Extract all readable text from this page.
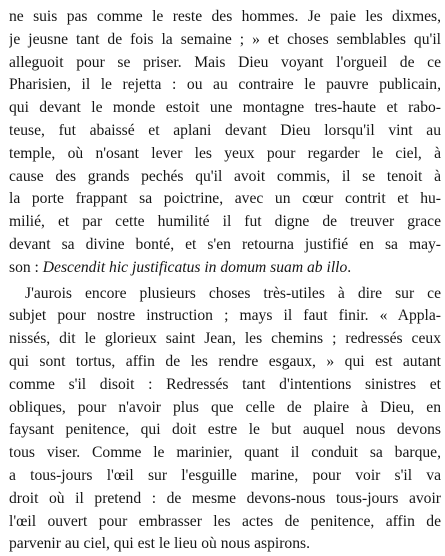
ne suis pas comme le reste des hommes. Je paie les dixmes,
je jeusne tant de fois la semaine ; » et choses semblables qu'il
alleguoit pour se priser. Mais Dieu voyant l'orgueil de ce
Pharisien, il le rejetta : ou au contraire le pauvre publicain,
qui devant le monde estoit une montagne tres-haute et rabo-
teuse, fut abaissé et aplani devant Dieu lorsqu'il vint au
temple, où n'osant lever les yeux pour regarder le ciel, à
cause des grands pechés qu'il avoit commis, il se tenoit à
la porte frappant sa poictrine, avec un cœur contrit et hu-
milié, et par cette humilité il fut digne de treuver grace
devant sa divine bonté, et s'en retourna justifié en sa may-
son : Descendit hic justificatus in domum suam ab illo.
J'aurois encore plusieurs choses très-utiles à dire sur ce
subjet pour nostre instruction ; mays il faut finir. « Applа-
nissés, dit le glorieux saint Jean, les chemins ; redressés ceux
qui sont tortus, affin de les rendre esgaux, » qui est autant
comme s'il disoit : Redressés tant d'intentions sinistres et
obliques, pour n'avoir plus que celle de plaire à Dieu, en
faysant penitence, qui doit estre le but auquel nous devons
tous viser. Comme le marinier, quant il conduit sa barque,
a tous-jours l'œil sur l'esguille marine, pour voir s'il va
droit où il pretend : de mesme devons-nous tous-jours avoir
l'œil ouvert pour embrasser les actes de penitence, affin de
parvenir au ciel, qui est le lieu où nous aspirons.
